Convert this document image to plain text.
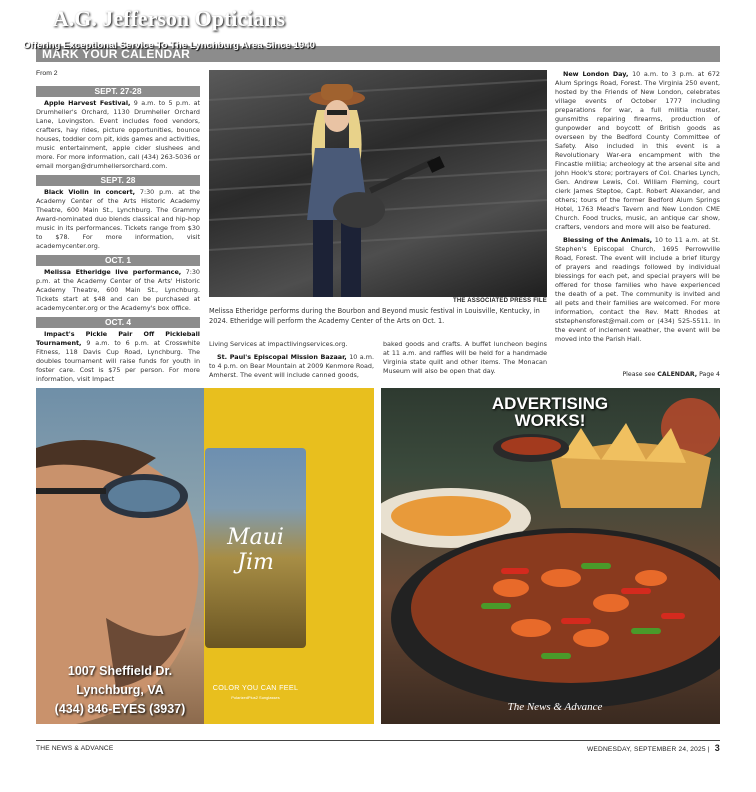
MARK YOUR CALENDAR
From 2
SEPT. 27-28

Apple Harvest Festival, 9 a.m. to 5 p.m. at Drumheller's Orchard, 1130 Drumheller Orchard Lane, Lovingston. Event includes food vendors, crafters, hay rides, picture opportunities, bounce houses, toddler corn pit, kids games and activities, music entertainment, apple cider slushees and more. For more information, call (434) 263-5036 or email morgan@drumhellersorchard.com.

SEPT. 28

Black Violin in concert, 7:30 p.m. at the Academy Center of the Arts Historic Academy Theatre, 600 Main St., Lynchburg. The Grammy Award-nominated duo blends classical and hip-hop music in its performances. Tickets range from $30 to $78. For more information, visit academycenter.org.

OCT. 1

Melissa Etheridge live performance, 7:30 p.m. at the Academy Center of the Arts' Historic Academy Theatre, 600 Main St., Lynchburg. Tickets start at $48 and can be purchased at academycenter.org or the Academy's box office.

OCT. 4

Impact's Pickle Pair Off Pickleball Tournament, 9 a.m. to 6 p.m. at Crosswhite Fitness, 118 Davis Cup Road, Lynchburg. The doubles tournament will raise funds for youth in foster care. Cost is $75 per person. For more information, visit Impact

THE ASSOCIATED PRESS FILE
Melissa Etheridge performs during the Bourbon and Beyond music festival in Louisville, Kentucky, in 2024. Etheridge will perform the Academy Center of the Arts on Oct. 1.

Living Services at impactlivingservices.org.

St. Paul's Episcopal Mission Bazaar, 10 a.m. to 4 p.m. on Bear Mountain at 2009 Kenmore Road, Amherst. The event will include canned goods,

baked goods and crafts. A buffet luncheon begins at 11 a.m. and raffles will be held for a handmade Virginia state quilt and other items. The Monacan Museum will also be open that day.

New London Day, 10 a.m. to 3 p.m. at 672 Alum Springs Road, Forest. The Virginia 250 event, hosted by the Friends of New London, celebrates village events of October 1777 including preparations for war, a full militia muster, gunsmiths repairing firearms, production of gunpowder and boycott of British goods as overseen by the Bedford County Committee of Safety. Also included in this event is a Revolutionary War-era encampment with the Fincastle militia; archeology at the arsenal site and John Hook's store; portrayers of Col. Charles Lynch, Gen. Andrew Lewis, Col. William Fleming, court clerk James Steptoe, Capt. Robert Alexander, and others; tours of the former Bedford Alum Springs Hotel, 1763 Mead's Tavern and New London CME Church. Food trucks, music, an antique car show, crafters, vendors and more will also be featured.

Blessing of the Animals, 10 to 11 a.m. at St. Stephen's Episcopal Church, 1695 Perrowville Road, Forest. The event will include a brief liturgy of prayers and readings followed by individual blessings for each pet, and special prayers will be offered for those families who have experienced the death of a pet. The community is invited and all pets and their families are welcomed. For more information, contact the Rev. Matt Rhodes at ststephensforest@mail.com or (434) 525-5511. In the event of inclement weather, the event will be moved into the Parish Hall.

Please see CALENDAR, Page 4
A.G. Jefferson Opticians
Offering Exceptional Service To The Lynchburg Area Since 1940
Maui Jim
COLOR YOU CAN FEEL
PolarizedPlus2 Sunglasses
1007 Sheffield Dr.
Lynchburg, VA
(434) 846-EYES (3937)
ADVERTISING
WORKS!
The News & Advance
THE NEWS & ADVANCE	WEDNESDAY, SEPTEMBER 24, 2025 | 3
